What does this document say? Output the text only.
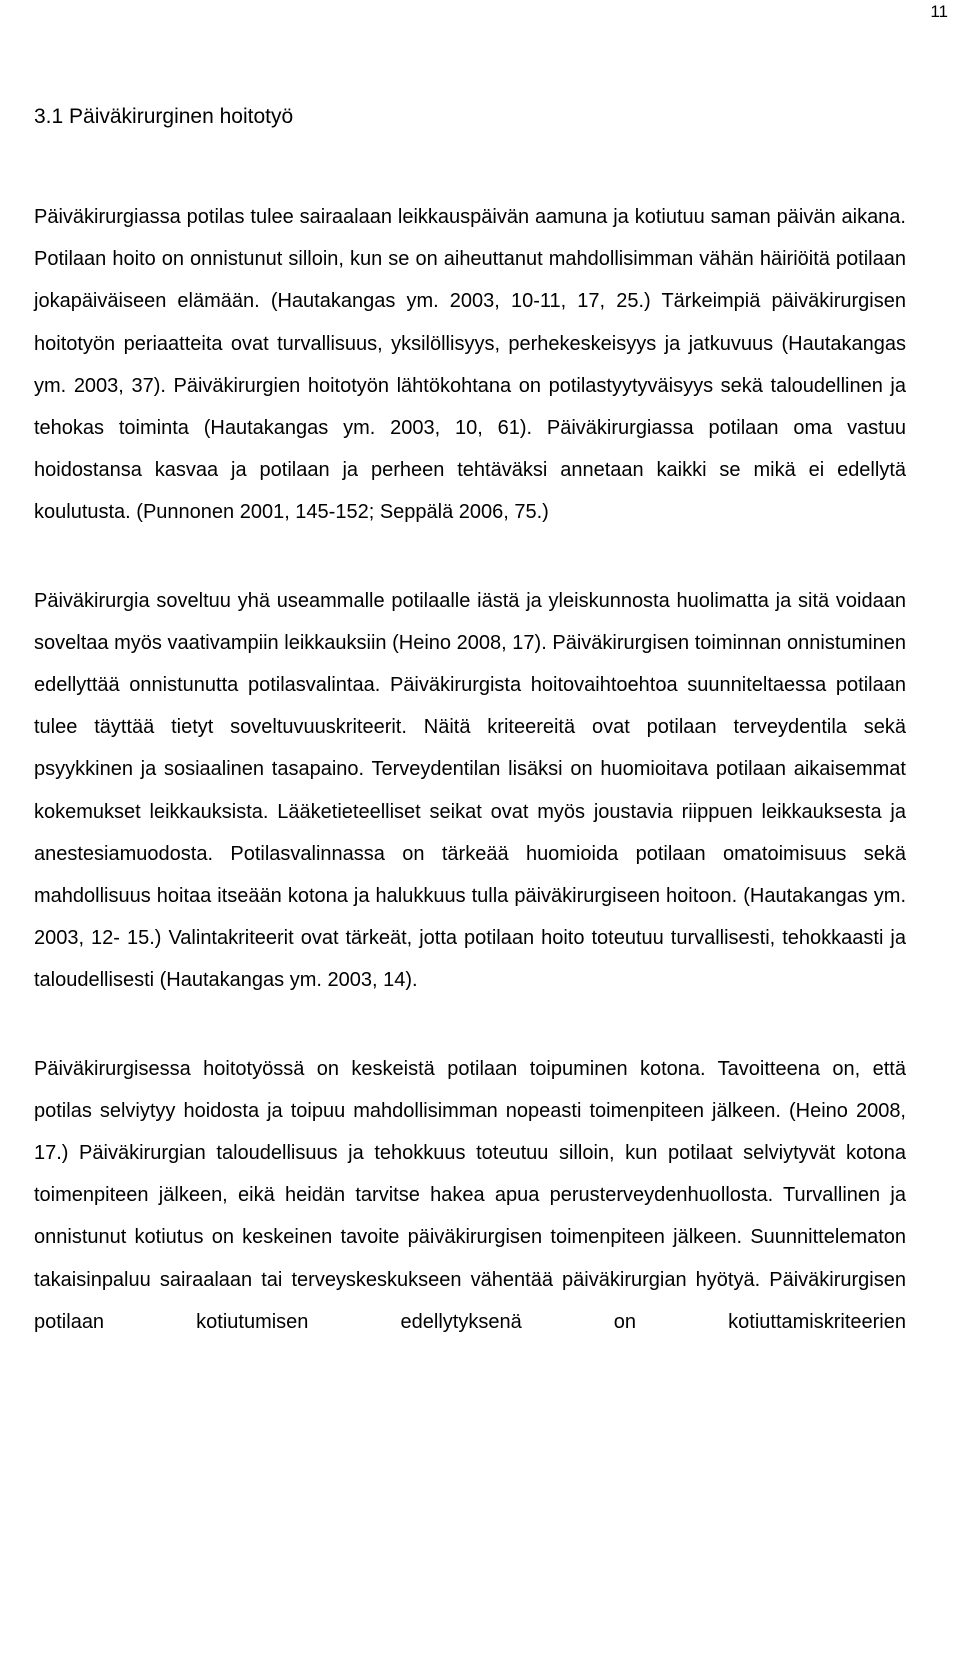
11
3.1 Päiväkirurginen hoitotyö

Päiväkirurgiassa potilas tulee sairaalaan leikkauspäivän aamuna ja kotiutuu saman päivän aikana. Potilaan hoito on onnistunut silloin, kun se on aiheuttanut mahdollisimman vähän häiriöitä potilaan jokapäiväiseen elämään. (Hautakangas ym. 2003, 10-11, 17, 25.) Tärkeimpiä päiväkirurgisen hoitotyön periaatteita ovat turvallisuus, yksilöllisyys, perhekeskeisyys ja jatkuvuus (Hautakangas ym. 2003, 37). Päiväkirurgien hoitotyön lähtökohtana on potilastyytyväisyys sekä taloudellinen ja tehokas toiminta (Hautakangas ym. 2003, 10, 61). Päiväkirurgiassa potilaan oma vastuu hoidostansa kasvaa ja potilaan ja perheen tehtäväksi annetaan kaikki se mikä ei edellytä koulutusta. (Punnonen 2001, 145-152; Seppälä 2006, 75.)

Päiväkirurgia soveltuu yhä useammalle potilaalle iästä ja yleiskunnosta huolimatta ja sitä voidaan soveltaa myös vaativampiin leikkauksiin (Heino 2008, 17). Päiväkirurgisen toiminnan onnistuminen edellyttää onnistunutta potilasvalintaa. Päiväkirurgista hoitovaihtoehtoa suunniteltaessa potilaan tulee täyttää tietyt soveltuvuuskriteerit. Näitä kriteereitä ovat potilaan terveydentila sekä psyykkinen ja sosiaalinen tasapaino. Terveydentilan lisäksi on huomioitava potilaan aikaisemmat kokemukset leikkauksista. Lääketieteelliset seikat ovat myös joustavia riippuen leikkauksesta ja anestesiamuodosta. Potilasvalinnassa on tärkeää huomioida potilaan omatoimisuus sekä mahdollisuus hoitaa itseään kotona ja halukkuus tulla päiväkirurgiseen hoitoon. (Hautakangas ym. 2003, 12- 15.) Valintakriteerit ovat tärkeät, jotta potilaan hoito toteutuu turvallisesti, tehokkaasti ja taloudellisesti (Hautakangas ym. 2003, 14).

Päiväkirurgisessa hoitotyössä on keskeistä potilaan toipuminen kotona. Tavoitteena on, että potilas selviytyy hoidosta ja toipuu mahdollisimman nopeasti toimenpiteen jälkeen. (Heino 2008, 17.) Päiväkirurgian taloudellisuus ja tehokkuus toteutuu silloin, kun potilaat selviytyvät kotona toimenpiteen jälkeen, eikä heidän tarvitse hakea apua perusterveydenhuollosta. Turvallinen ja onnistunut kotiutus on keskeinen tavoite päiväkirurgisen toimenpiteen jälkeen. Suunnittelematon takaisinpaluu sairaalaan tai terveyskeskukseen vähentää päiväkirurgian hyötyä. Päiväkirurgisen potilaan kotiutumisen edellytyksenä on kotiuttamiskriteerien
